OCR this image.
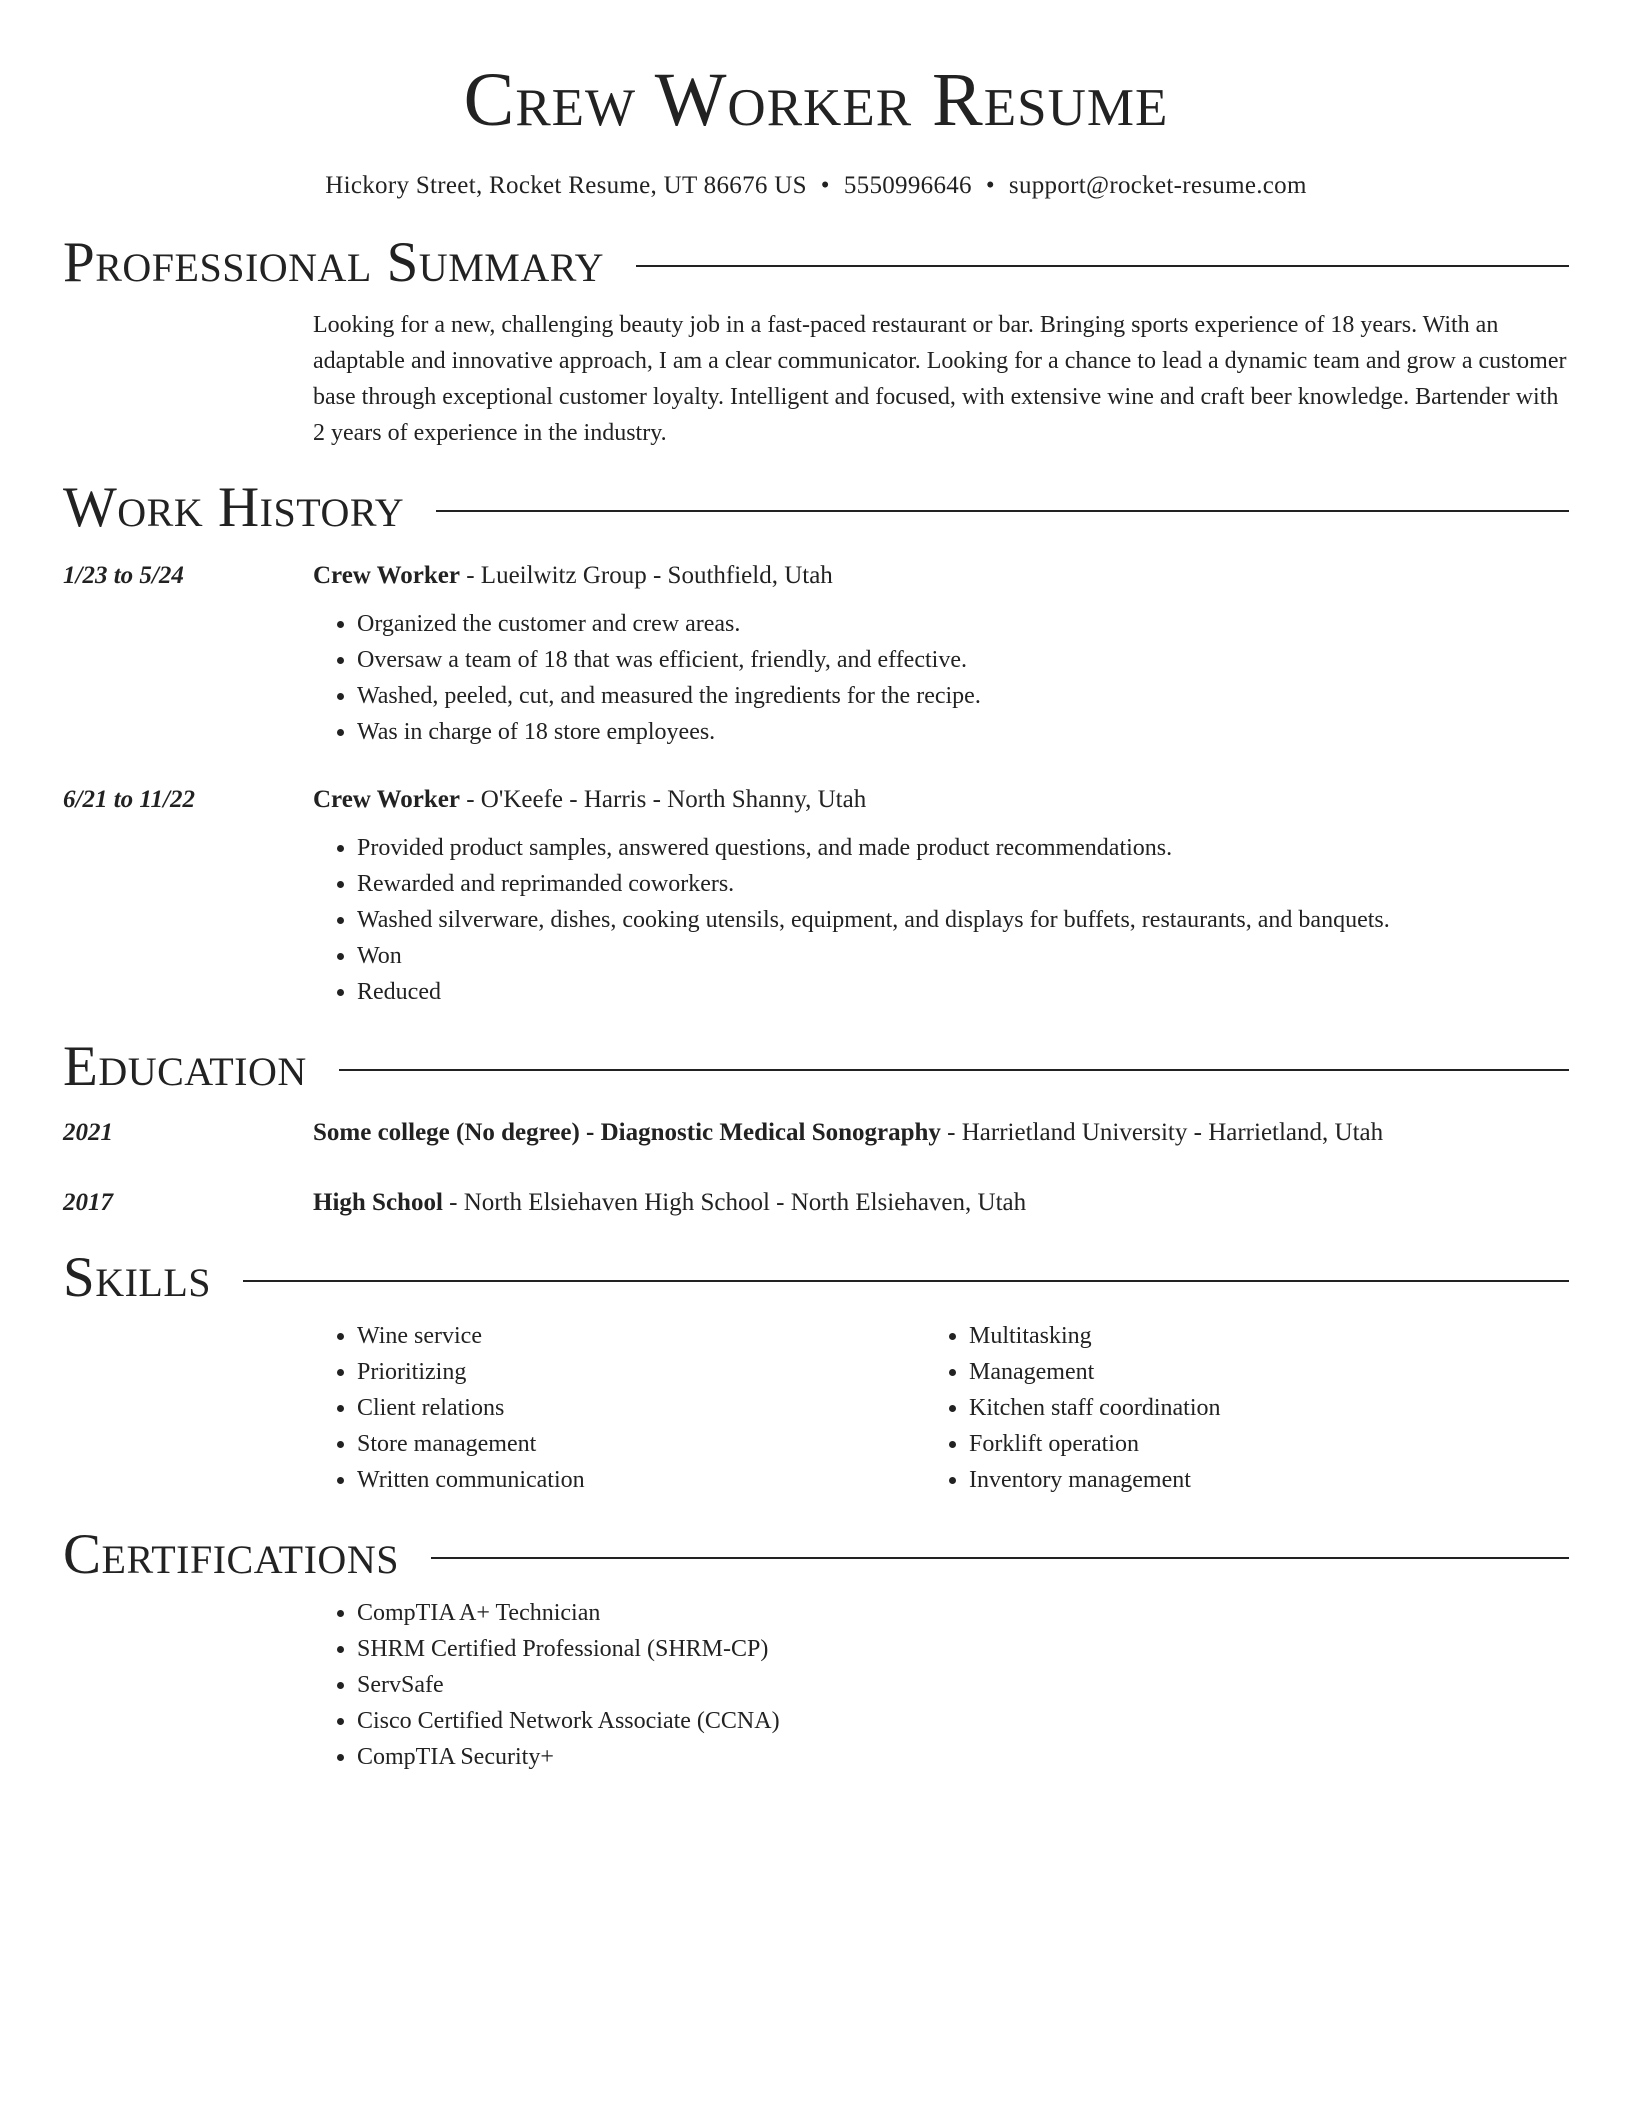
Crew Worker Resume
Hickory Street, Rocket Resume, UT 86676 US • 5550996646 • support@rocket-resume.com
Professional Summary
Looking for a new, challenging beauty job in a fast-paced restaurant or bar. Bringing sports experience of 18 years. With an adaptable and innovative approach, I am a clear communicator. Looking for a chance to lead a dynamic team and grow a customer base through exceptional customer loyalty. Intelligent and focused, with extensive wine and craft beer knowledge. Bartender with 2 years of experience in the industry.
Work History
1/23 to 5/24	Crew Worker - Lueilwitz Group - Southfield, Utah
• Organized the customer and crew areas.
• Oversaw a team of 18 that was efficient, friendly, and effective.
• Washed, peeled, cut, and measured the ingredients for the recipe.
• Was in charge of 18 store employees.
6/21 to 11/22	Crew Worker - O'Keefe - Harris - North Shanny, Utah
• Provided product samples, answered questions, and made product recommendations.
• Rewarded and reprimanded coworkers.
• Washed silverware, dishes, cooking utensils, equipment, and displays for buffets, restaurants, and banquets.
• Won
• Reduced
Education
2021	Some college (No degree) - Diagnostic Medical Sonography - Harrietland University - Harrietland, Utah
2017	High School - North Elsiehaven High School - North Elsiehaven, Utah
Skills
• Wine service
• Prioritizing
• Client relations
• Store management
• Written communication
• Multitasking
• Management
• Kitchen staff coordination
• Forklift operation
• Inventory management
Certifications
• CompTIA A+ Technician
• SHRM Certified Professional (SHRM-CP)
• ServSafe
• Cisco Certified Network Associate (CCNA)
• CompTIA Security+
